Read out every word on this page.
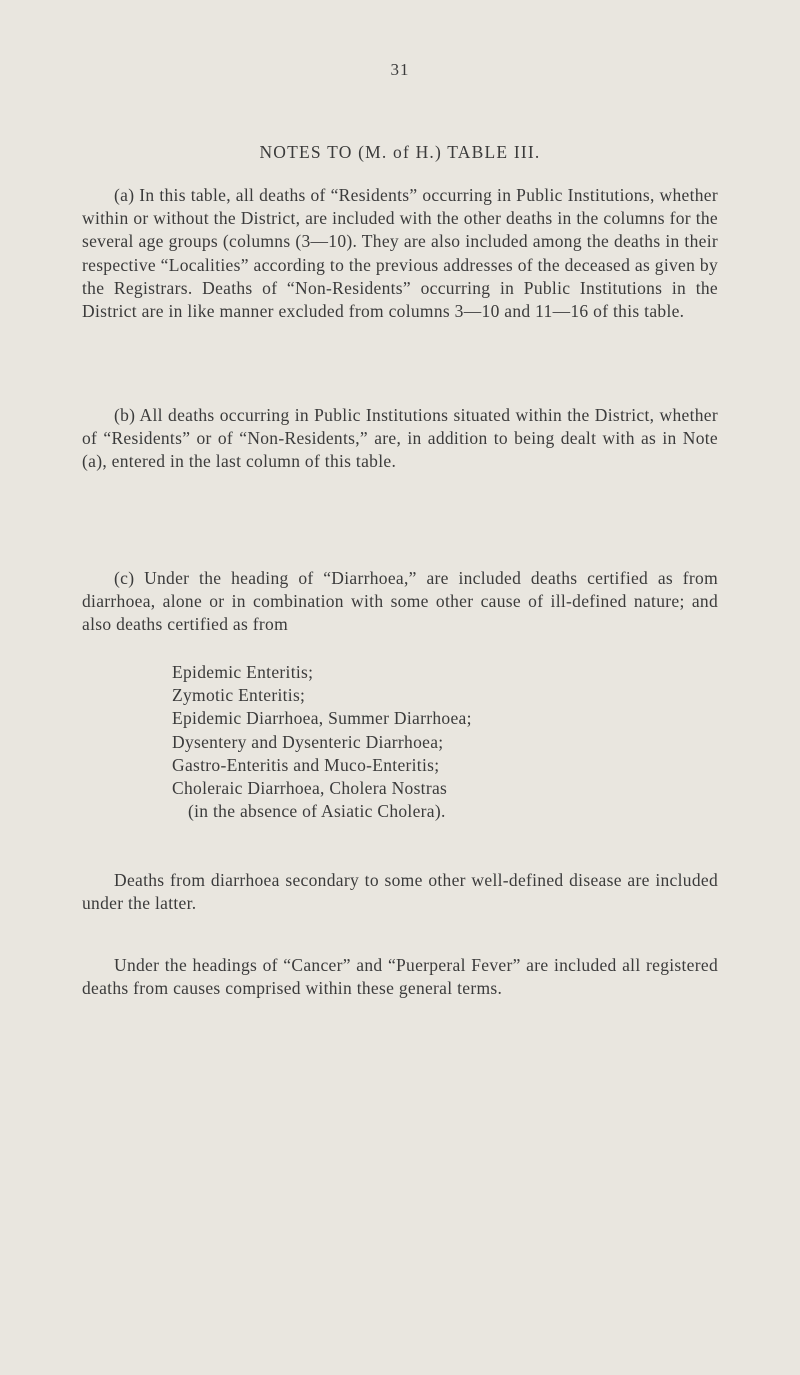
31
NOTES TO (M. of H.) TABLE III.

(a) In this table, all deaths of “Residents” occurring in Public Institutions, whether within or without the District, are included with the other deaths in the columns for the several age groups (columns (3—10). They are also included among the deaths in their respective “Localities” according to the previous addresses of the deceased as given by the Registrars. Deaths of “Non-Residents” occurring in Public Institutions in the District are in like manner excluded from columns 3—10 and 11—16 of this table.

(b) All deaths occurring in Public Institutions situated within the District, whether of “Residents” or of “Non-Residents,” are, in addition to being dealt with as in Note (a), entered in the last column of this table.

(c) Under the heading of “Diarrhoea,” are included deaths certified as from diarrhoea, alone or in combination with some other cause of ill-defined nature; and also deaths certified as from

Epidemic Enteritis;
Zymotic Enteritis;
Epidemic Diarrhoea, Summer Diarrhoea;
Dysentery and Dysenteric Diarrhoea;
Gastro-Enteritis and Muco-Enteritis;
Choleraic Diarrhoea, Cholera Nostras
(in the absence of Asiatic Cholera).

Deaths from diarrhoea secondary to some other well-defined disease are included under the latter.

Under the headings of “Cancer” and “Puerperal Fever” are included all registered deaths from causes comprised within these general terms.
